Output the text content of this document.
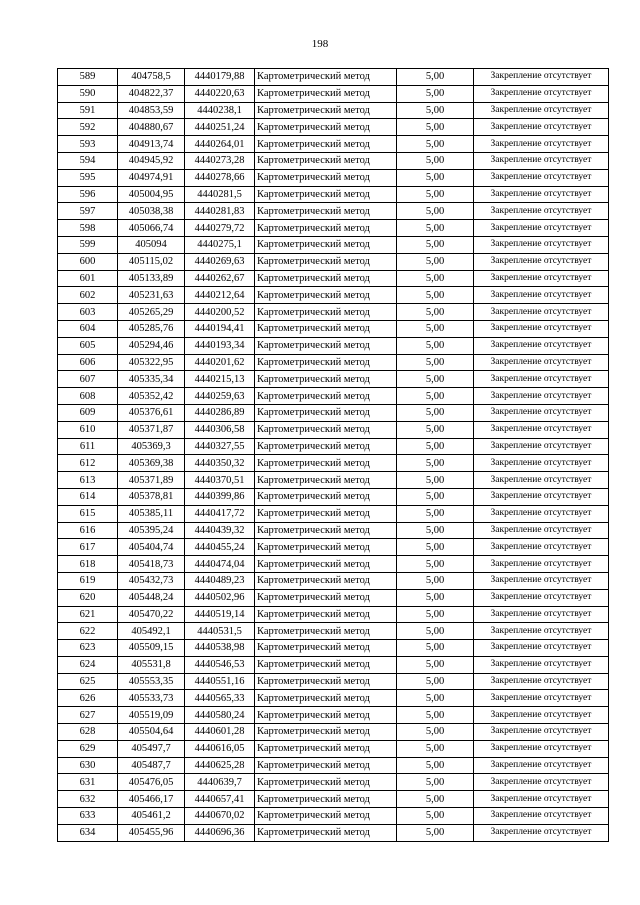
198
589	404758,5	4440179,88	Картометрический метод	5,00	Закрепление отсутствует
590	404822,37	4440220,63	Картометрический метод	5,00	Закрепление отсутствует
591	404853,59	4440238,1	Картометрический метод	5,00	Закрепление отсутствует
592	404880,67	4440251,24	Картометрический метод	5,00	Закрепление отсутствует
593	404913,74	4440264,01	Картометрический метод	5,00	Закрепление отсутствует
594	404945,92	4440273,28	Картометрический метод	5,00	Закрепление отсутствует
595	404974,91	4440278,66	Картометрический метод	5,00	Закрепление отсутствует
596	405004,95	4440281,5	Картометрический метод	5,00	Закрепление отсутствует
597	405038,38	4440281,83	Картометрический метод	5,00	Закрепление отсутствует
598	405066,74	4440279,72	Картометрический метод	5,00	Закрепление отсутствует
599	405094	4440275,1	Картометрический метод	5,00	Закрепление отсутствует
600	405115,02	4440269,63	Картометрический метод	5,00	Закрепление отсутствует
601	405133,89	4440262,67	Картометрический метод	5,00	Закрепление отсутствует
602	405231,63	4440212,64	Картометрический метод	5,00	Закрепление отсутствует
603	405265,29	4440200,52	Картометрический метод	5,00	Закрепление отсутствует
604	405285,76	4440194,41	Картометрический метод	5,00	Закрепление отсутствует
605	405294,46	4440193,34	Картометрический метод	5,00	Закрепление отсутствует
606	405322,95	4440201,62	Картометрический метод	5,00	Закрепление отсутствует
607	405335,34	4440215,13	Картометрический метод	5,00	Закрепление отсутствует
608	405352,42	4440259,63	Картометрический метод	5,00	Закрепление отсутствует
609	405376,61	4440286,89	Картометрический метод	5,00	Закрепление отсутствует
610	405371,87	4440306,58	Картометрический метод	5,00	Закрепление отсутствует
611	405369,3	4440327,55	Картометрический метод	5,00	Закрепление отсутствует
612	405369,38	4440350,32	Картометрический метод	5,00	Закрепление отсутствует
613	405371,89	4440370,51	Картометрический метод	5,00	Закрепление отсутствует
614	405378,81	4440399,86	Картометрический метод	5,00	Закрепление отсутствует
615	405385,11	4440417,72	Картометрический метод	5,00	Закрепление отсутствует
616	405395,24	4440439,32	Картометрический метод	5,00	Закрепление отсутствует
617	405404,74	4440455,24	Картометрический метод	5,00	Закрепление отсутствует
618	405418,73	4440474,04	Картометрический метод	5,00	Закрепление отсутствует
619	405432,73	4440489,23	Картометрический метод	5,00	Закрепление отсутствует
620	405448,24	4440502,96	Картометрический метод	5,00	Закрепление отсутствует
621	405470,22	4440519,14	Картометрический метод	5,00	Закрепление отсутствует
622	405492,1	4440531,5	Картометрический метод	5,00	Закрепление отсутствует
623	405509,15	4440538,98	Картометрический метод	5,00	Закрепление отсутствует
624	405531,8	4440546,53	Картометрический метод	5,00	Закрепление отсутствует
625	405553,35	4440551,16	Картометрический метод	5,00	Закрепление отсутствует
626	405533,73	4440565,33	Картометрический метод	5,00	Закрепление отсутствует
627	405519,09	4440580,24	Картометрический метод	5,00	Закрепление отсутствует
628	405504,64	4440601,28	Картометрический метод	5,00	Закрепление отсутствует
629	405497,7	4440616,05	Картометрический метод	5,00	Закрепление отсутствует
630	405487,7	4440625,28	Картометрический метод	5,00	Закрепление отсутствует
631	405476,05	4440639,7	Картометрический метод	5,00	Закрепление отсутствует
632	405466,17	4440657,41	Картометрический метод	5,00	Закрепление отсутствует
633	405461,2	4440670,02	Картометрический метод	5,00	Закрепление отсутствует
634	405455,96	4440696,36	Картометрический метод	5,00	Закрепление отсутствует
